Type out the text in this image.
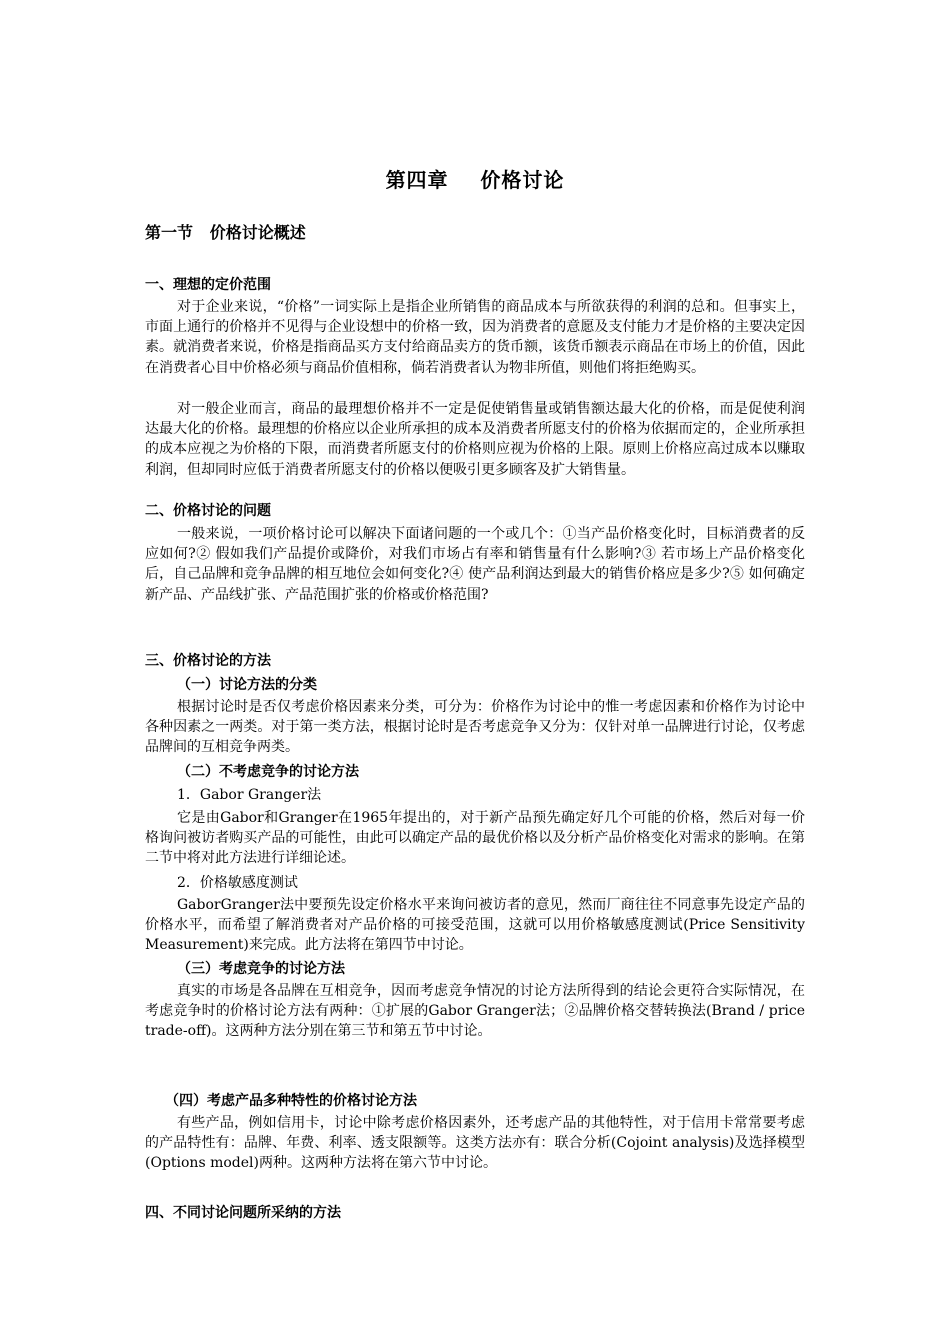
第四章    价格讨论
第一节   价格讨论概述
一、理想的定价范围
对于企业来说，“价格”一词实际上是指企业所销售的商品成本与所欲获得的利润的总和。但事实上，市面上通行的价格并不见得与企业设想中的价格一致，因为消费者的意愿及支付能力才是价格的主要决定因素。就消费者来说，价格是指商品买方支付给商品卖方的货币额，该货币额表示商品在市场上的价值，因此在消费者心目中价格必须与商品价值相称，倘若消费者认为物非所值，则他们将拒绝购买。
对一般企业而言，商品的最理想价格并不一定是促使销售量或销售额达最大化的价格，而是促使利润达最大化的价格。最理想的价格应以企业所承担的成本及消费者所愿支付的价格为依据而定的，企业所承担的成本应视之为价格的下限，而消费者所愿支付的价格则应视为价格的上限。原则上价格应高过成本以赚取利润，但却同时应低于消费者所愿支付的价格以便吸引更多顾客及扩大销售量。
二、价格讨论的问题
一般来说，一项价格讨论可以解决下面诸问题的一个或几个：①当产品价格变化时，目标消费者的反应如何?② 假如我们产品提价或降价，对我们市场占有率和销售量有什么影响?③ 若市场上产品价格变化后，自己品牌和竞争品牌的相互地位会如何变化?④ 使产品利润达到最大的销售价格应是多少?⑤ 如何确定新产品、产品线扩张、产品范围扩张的价格或价格范围?
三、价格讨论的方法
（一）讨论方法的分类
根据讨论时是否仅考虑价格因素来分类，可分为：价格作为讨论中的惟一考虑因素和价格作为讨论中各种因素之一两类。对于第一类方法，根据讨论时是否考虑竞争又分为：仅针对单一品牌进行讨论，仅考虑品牌间的互相竞争两类。
（二）不考虑竞争的讨论方法
1．Gabor Granger法
它是由Gabor和Granger在1965年提出的，对于新产品预先确定好几个可能的价格，然后对每一价格询问被访者购买产品的可能性，由此可以确定产品的最优价格以及分析产品价格变化对需求的影响。在第二节中将对此方法进行详细论述。
2．价格敏感度测试
GaborGranger法中要预先设定价格水平来询问被访者的意见，然而厂商往往不同意事先设定产品的价格水平，而希望了解消费者对产品价格的可接受范围，这就可以用价格敏感度测试(Price Sensitivity Measurement)来完成。此方法将在第四节中讨论。
（三）考虑竞争的讨论方法
真实的市场是各品牌在互相竞争，因而考虑竞争情况的讨论方法所得到的结论会更符合实际情况，在考虑竞争时的价格讨论方法有两种：①扩展的Gabor Granger法；②品牌价格交替转换法(Brand / price trade-off)。这两种方法分别在第三节和第五节中讨论。
（四）考虑产品多种特性的价格讨论方法
有些产品，例如信用卡，讨论中除考虑价格因素外，还考虑产品的其他特性，对于信用卡常常要考虑的产品特性有：品牌、年费、利率、透支限额等。这类方法亦有：联合分析(Cojoint analysis)及选择模型(Options model)两种。这两种方法将在第六节中讨论。
四、不同讨论问题所采纳的方法
